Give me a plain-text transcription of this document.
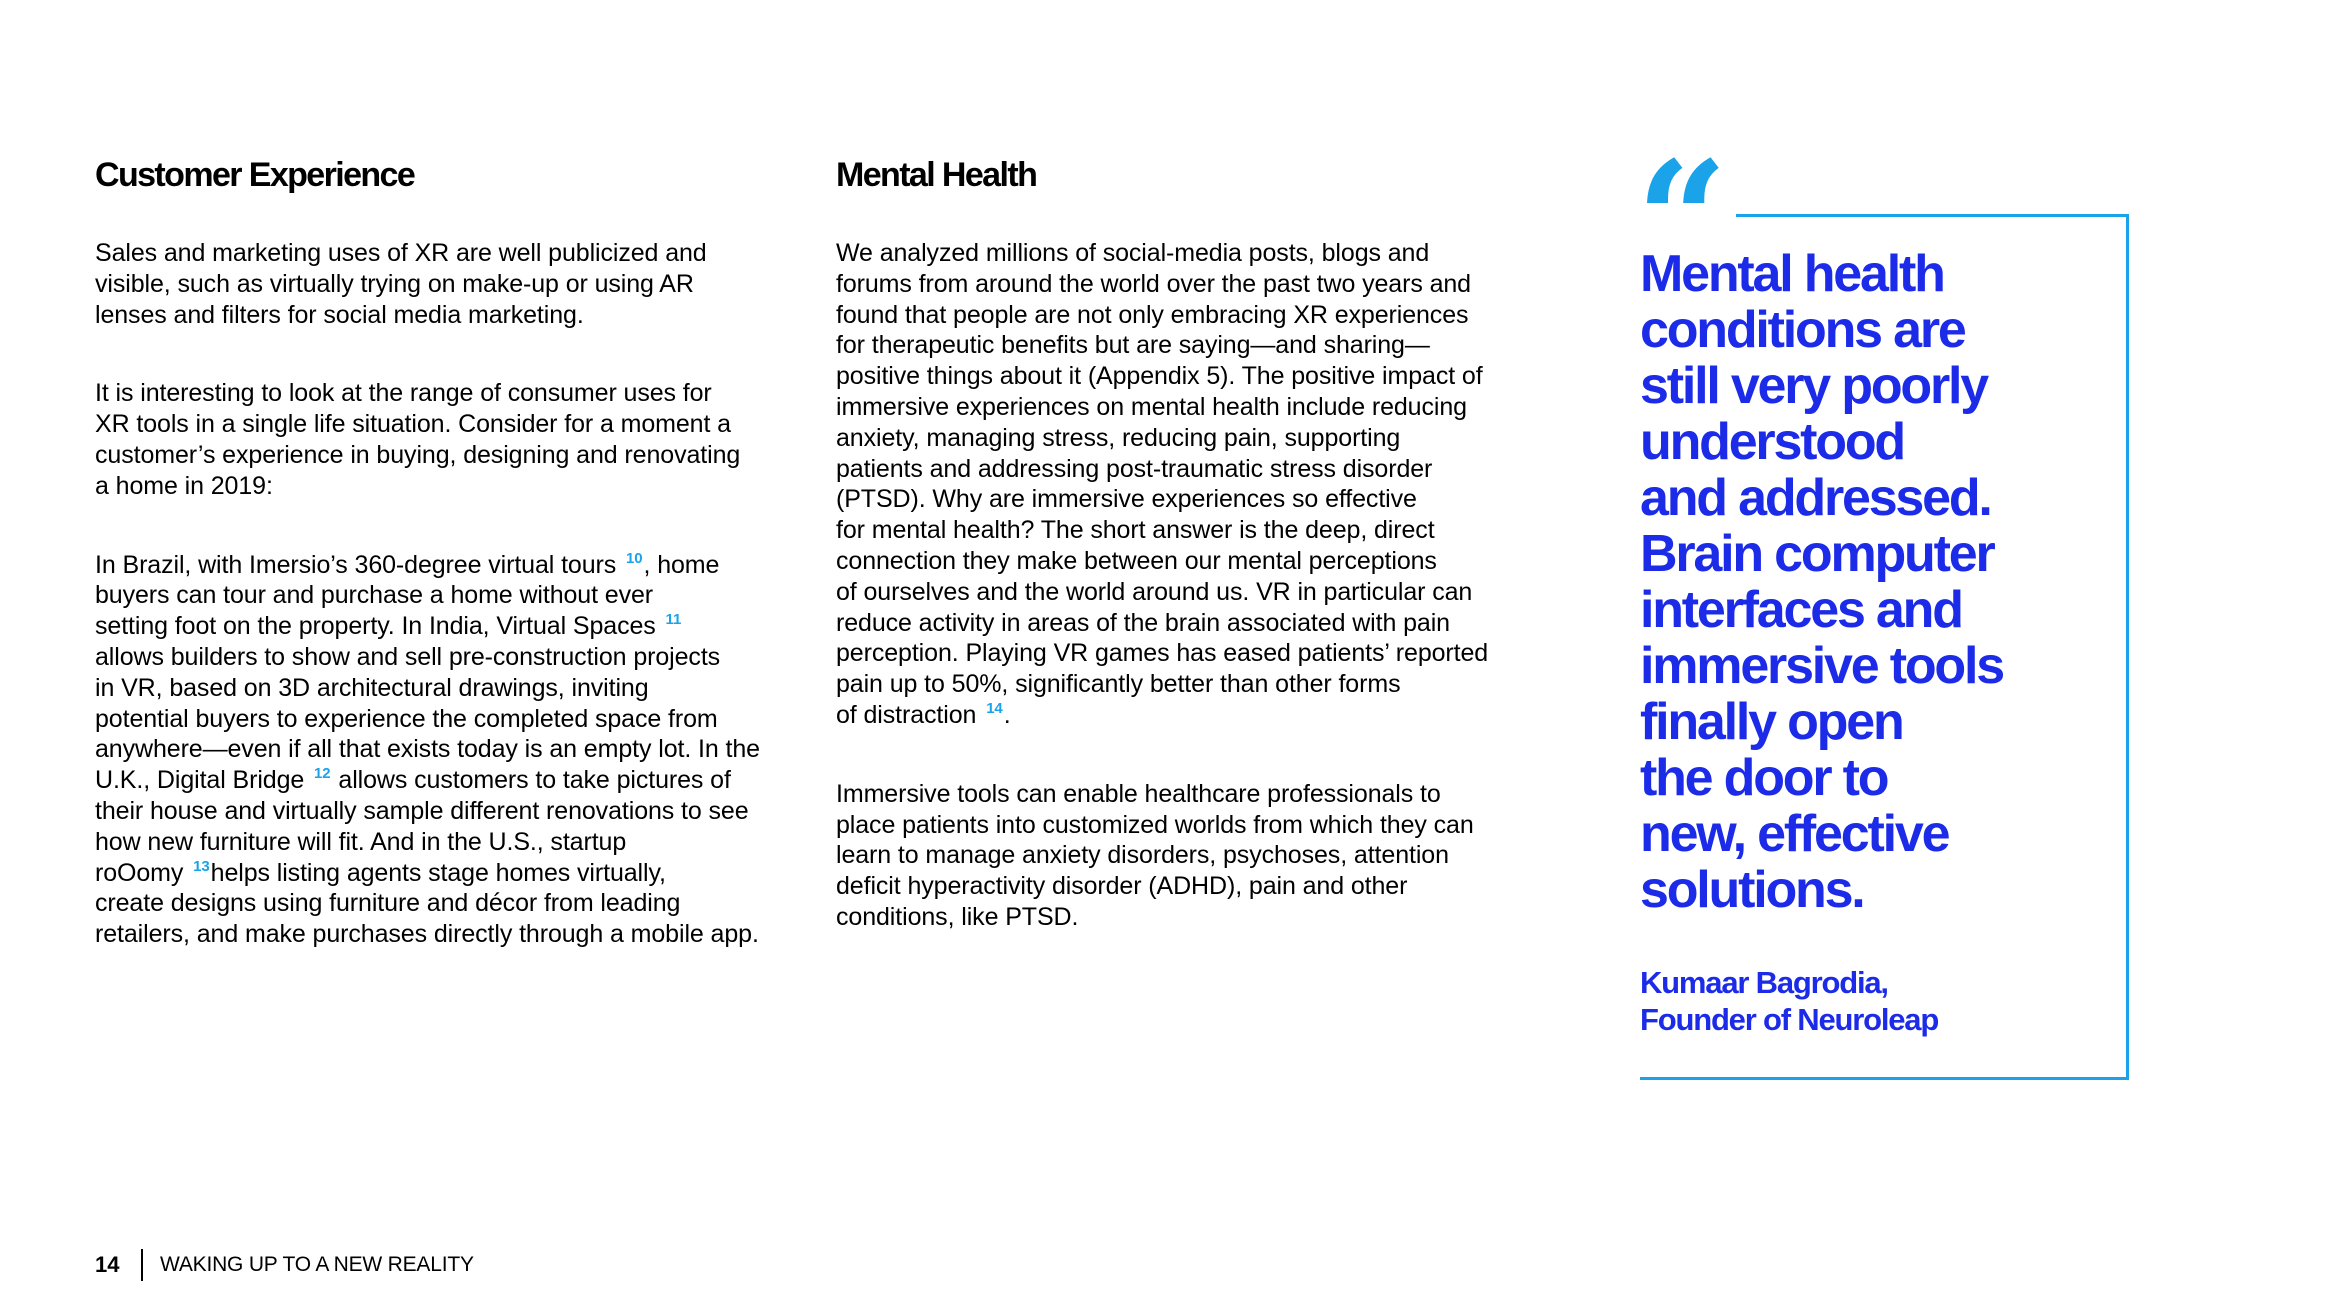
Customer Experience

Sales and marketing uses of XR are well publicized and
visible, such as virtually trying on make-up or using AR
lenses and filters for social media marketing.

It is interesting to look at the range of consumer uses for
XR tools in a single life situation. Consider for a moment a
customer’s experience in buying, designing and renovating
a home in 2019:

In Brazil, with Imersio’s 360-degree virtual tours $^{10}$, home
buyers can tour and purchase a home without ever
setting foot on the property. In India, Virtual Spaces $^{11}$
allows builders to show and sell pre-construction projects
in VR, based on 3D architectural drawings, inviting
potential buyers to experience the completed space from
anywhere—even if all that exists today is an empty lot. In the
U.K., Digital Bridge $^{12}$ allows customers to take pictures of
their house and virtually sample different renovations to see
how new furniture will fit. And in the U.S., startup
roOomy $^{13}$helps listing agents stage homes virtually,
create designs using furniture and décor from leading
retailers, and make purchases directly through a mobile app.

Mental Health

We analyzed millions of social-media posts, blogs and
forums from around the world over the past two years and
found that people are not only embracing XR experiences
for therapeutic benefits but are saying—and sharing—
positive things about it (Appendix 5). The positive impact of
immersive experiences on mental health include reducing
anxiety, managing stress, reducing pain, supporting
patients and addressing post-traumatic stress disorder
(PTSD). Why are immersive experiences so effective
for mental health? The short answer is the deep, direct
connection they make between our mental perceptions
of ourselves and the world around us. VR in particular can
reduce activity in areas of the brain associated with pain
perception. Playing VR games has eased patients’ reported
pain up to 50%, significantly better than other forms
of distraction $^{14}$.

Immersive tools can enable healthcare professionals to
place patients into customized worlds from which they can
learn to manage anxiety disorders, psychoses, attention
deficit hyperactivity disorder (ADHD), pain and other
conditions, like PTSD.

“
Mental health
conditions are
still very poorly
understood
and addressed.
Brain computer
interfaces and
immersive tools
finally open
the door to
new, effective
solutions.
Kumaar Bagrodia,
Founder of Neuroleap
14 WAKING UP TO A NEW REALITY
